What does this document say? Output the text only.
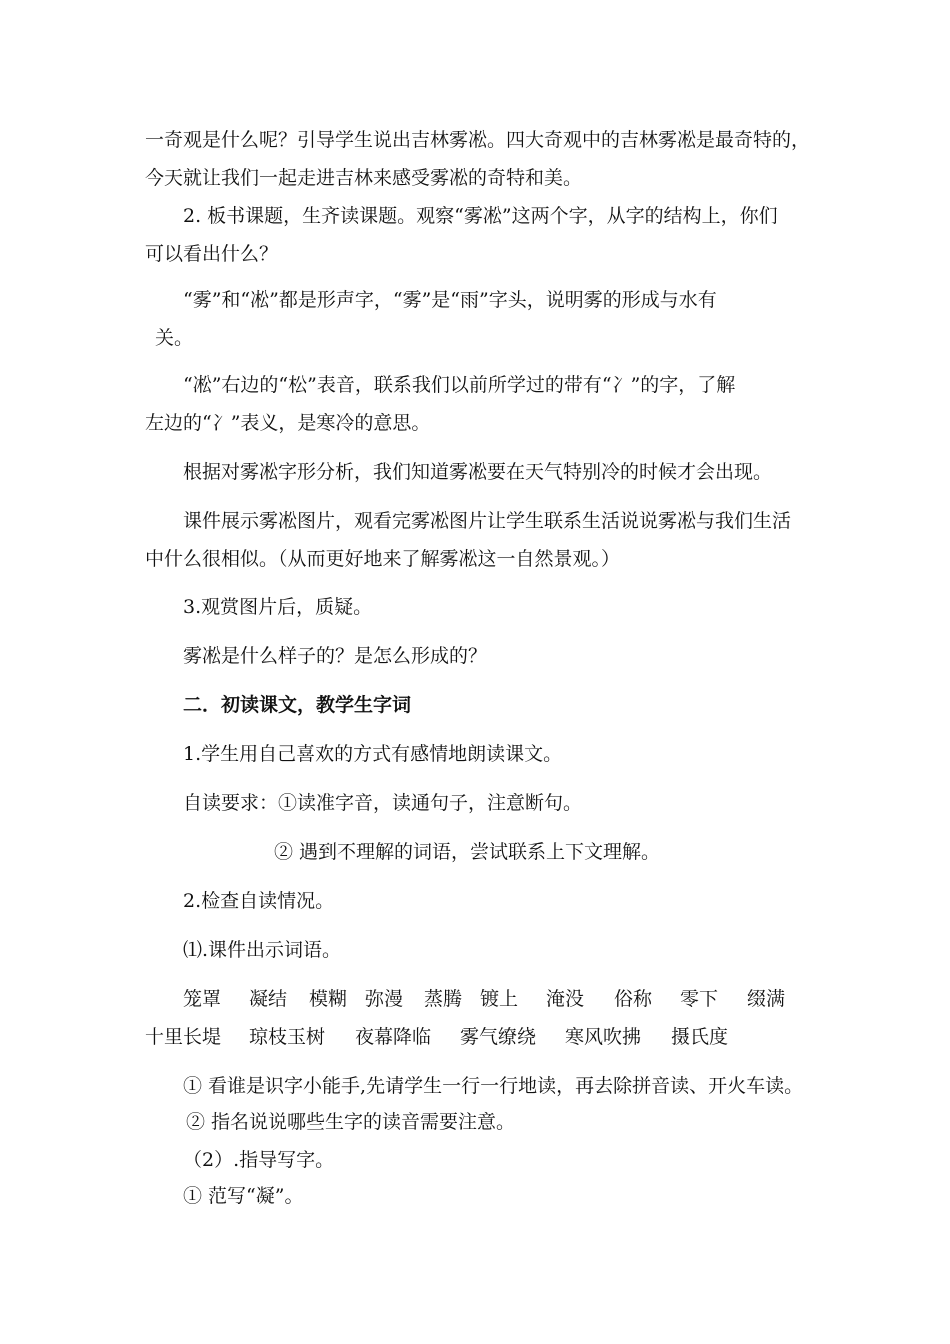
一奇观是什么呢？引导学生说出吉林雾凇。四大奇观中的吉林雾凇是最奇特的，
今天就让我们一起走进吉林来感受雾凇的奇特和美。
2. 板书课题，生齐读课题。观察“雾凇”这两个字，从字的结构上，你们
可以看出什么？
“雾”和“凇”都是形声字，“雾”是“雨”字头，说明雾的形成与水有
关。
“凇”右边的“松”表音，联系我们以前所学过的带有“冫”的字，了解
左边的“冫”表义，是寒冷的意思。
根据对雾凇字形分析，我们知道雾凇要在天气特别冷的时候才会出现。
课件展示雾凇图片，观看完雾凇图片让学生联系生活说说雾凇与我们生活
中什么很相似。（从而更好地来了解雾凇这一自然景观。）
3.观赏图片后，质疑。
雾凇是什么样子的？是怎么形成的？
二．初读课文，教学生字词
1.学生用自己喜欢的方式有感情地朗读课文。
自读要求：①读准字音，读通句子，注意断句。
② 遇到不理解的词语，尝试联系上下文理解。
2.检查自读情况。
⑴.课件出示词语。
笼罩 凝结 模糊 弥漫 蒸腾 镀上 淹没 俗称 零下 缀满
十里长堤 琼枝玉树 夜幕降临 雾气缭绕 寒风吹拂 摄氏度
① 看谁是识字小能手,先请学生一行一行地读，再去除拼音读、开火车读。
② 指名说说哪些生字的读音需要注意。
（2）.指导写字。
① 范写“凝”。
